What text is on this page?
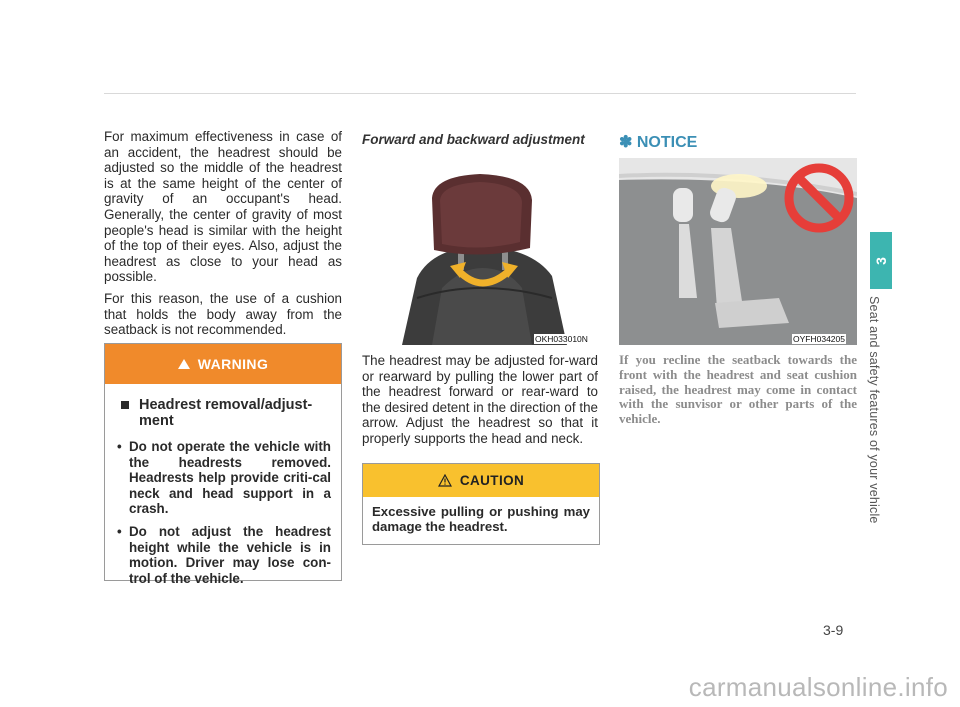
For maximum effectiveness in case of an accident, the headrest should be adjusted so the middle of the headrest is at the same height of the center of gravity of an occupant's head. Generally, the center of gravity of most people's head is similar with the height of the top of their eyes. Also, adjust the headrest as close to your head as possible.

For this reason, the use of a cushion that holds the body away from the seatback is not recommended.

WARNING
Headrest removal/adjust-ment
• Do not operate the vehicle with the headrests removed. Headrests help provide criti-cal neck and head support in a crash.
• Do not adjust the headrest height while the vehicle is in motion. Driver may lose con-trol of the vehicle.
Forward and backward adjustment
OKH033010N

The headrest may be adjusted for-ward or rearward by pulling the lower part of the headrest forward or rear-ward to the desired detent in the direction of the arrow. Adjust the headrest so that it properly supports the head and neck.

CAUTION
Excessive pulling or pushing may damage the headrest.
✽ NOTICE
OYFH034205
If you recline the seatback towards the front with the headrest and seat cushion raised, the headrest may come in contact with the sunvisor or other parts of the vehicle.
3
Seat and safety features of your vehicle
3-9
carmanualsonline.info
